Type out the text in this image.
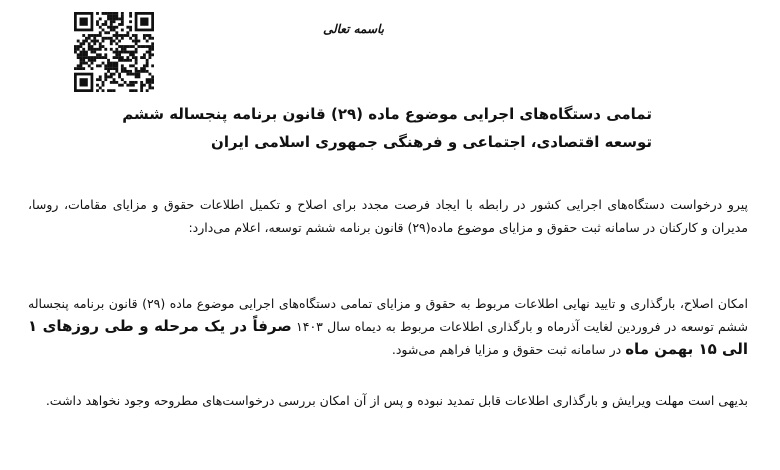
باسمه تعالی
تمامی دستگاه‌های اجرایی موضوع ماده (۲۹) قانون برنامه پنجساله ششم
توسعه اقتصادی، اجتماعی و فرهنگی جمهوری اسلامی ایران
پیرو درخواست دستگاه‌های اجرایی کشور در رابطه با ایجاد فرصت مجدد برای اصلاح و تکمیل اطلاعات حقوق و مزایای مقامات، روسا، مدیران و کارکنان در سامانه ثبت حقوق و مزایای موضوع ماده(۲۹) قانون برنامه ششم توسعه، اعلام می‌دارد:
امکان اصلاح، بارگذاری و تایید نهایی اطلاعات مربوط به حقوق و مزایای تمامی دستگاه‌های اجرایی موضوع ماده (۲۹) قانون برنامه پنجساله ششم توسعه در فروردین لغایت آذرماه و بارگذاری اطلاعات مربوط به دیماه سال ۱۴۰۳ صرفاً در یک مرحله و طی روزهای ۱ الی ۱۵ بهمن ماه در سامانه ثبت حقوق و مزایا فراهم می‌شود.
بدیهی است مهلت ویرایش و بارگذاری اطلاعات قابل تمدید نبوده و پس از آن امکان بررسی درخواست‌های مطروحه وجود نخواهد داشت.
